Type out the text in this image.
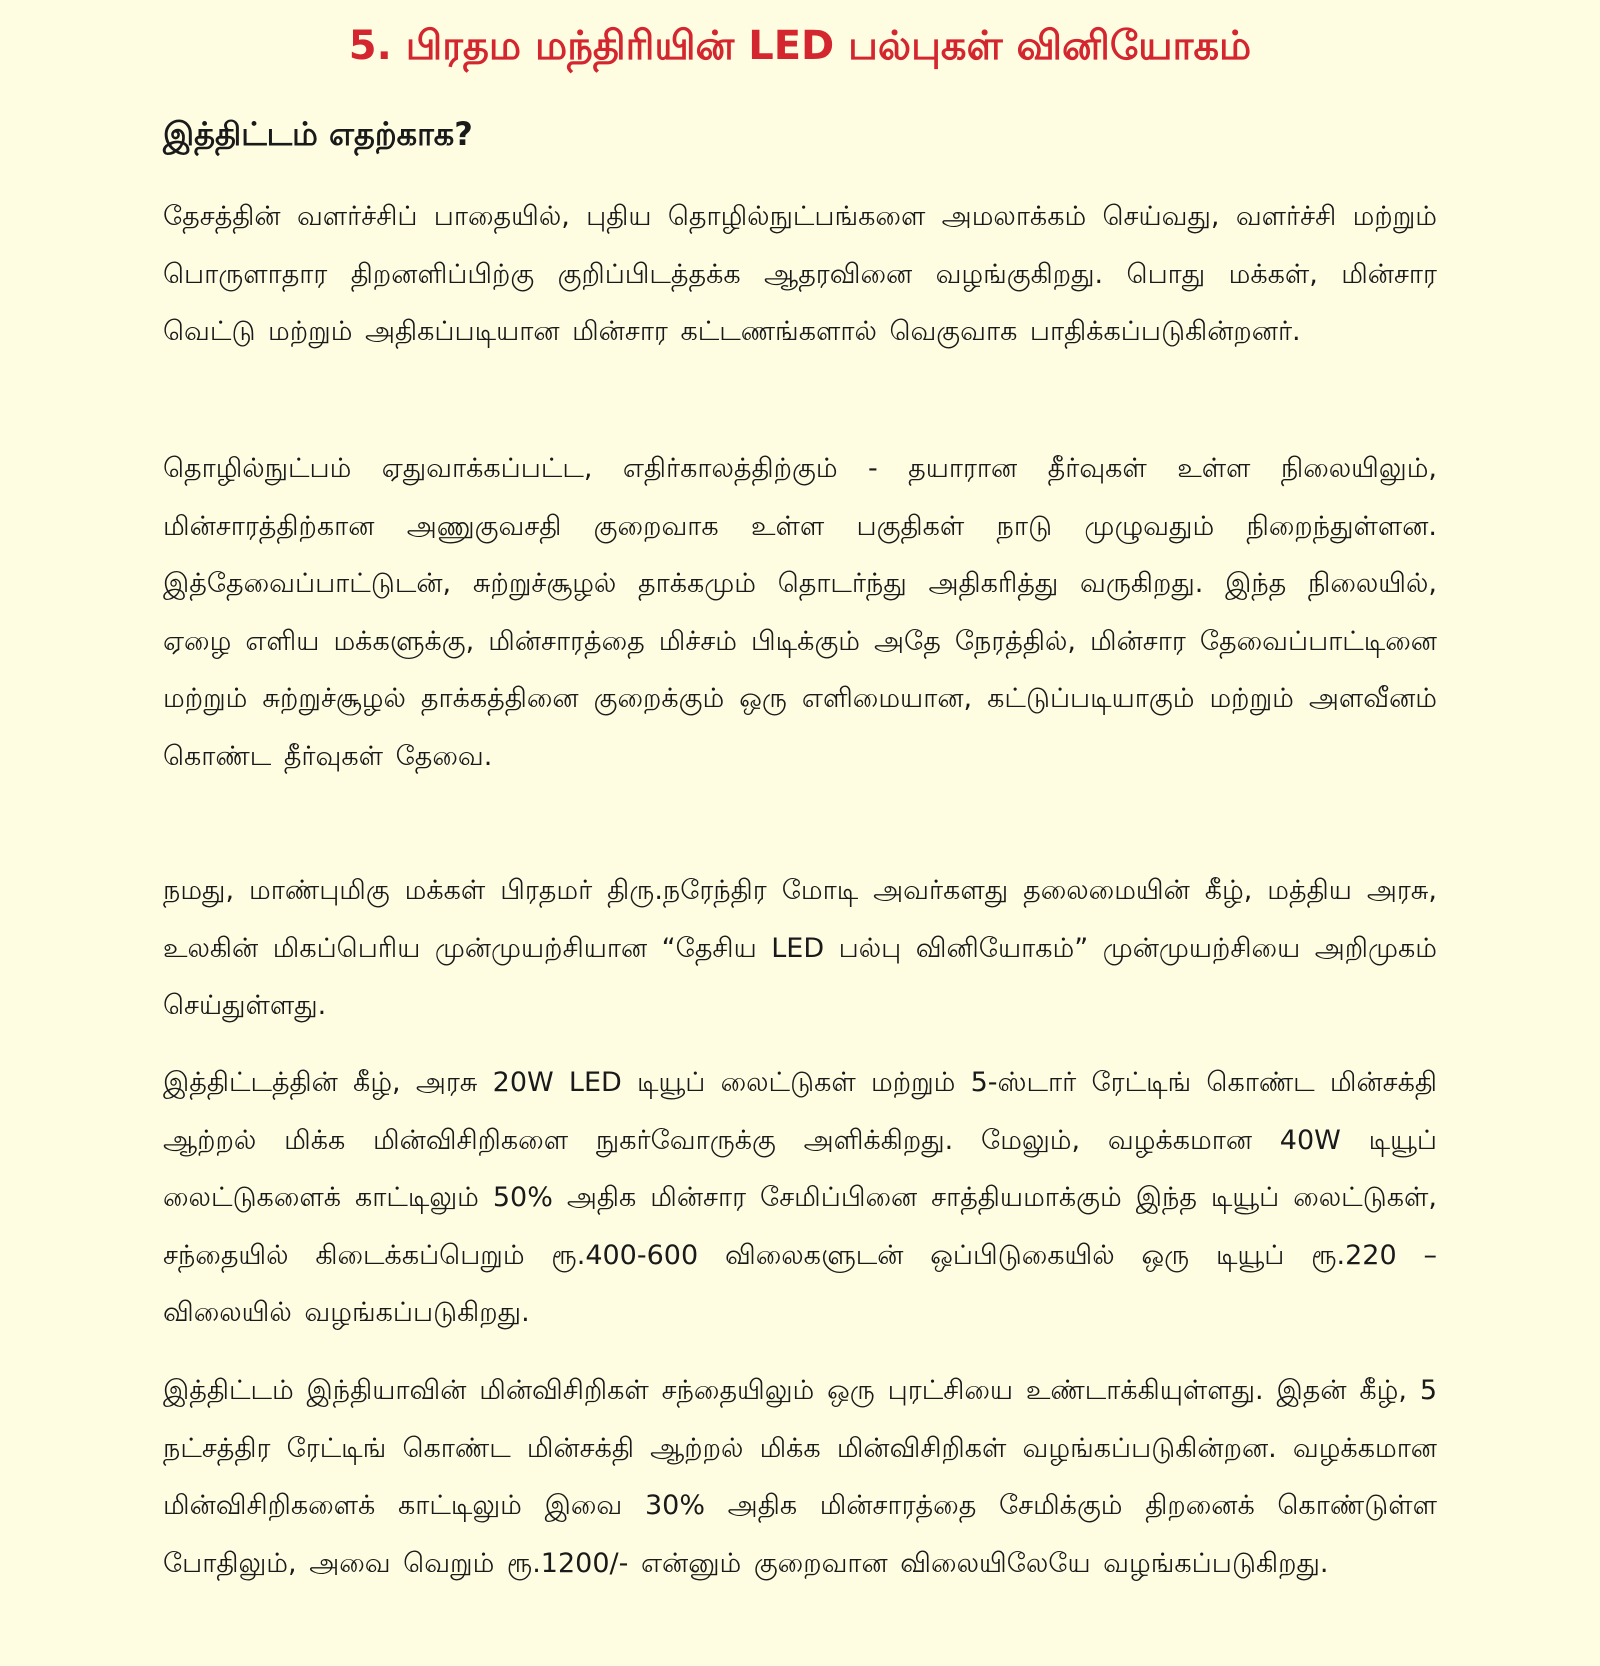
5. பிரதம மந்திரியின் LED பல்புகள் வினியோகம்
இத்திட்டம் எதற்காக?

தேசத்தின் வளர்ச்சிப் பாதையில், புதிய தொழில்நுட்பங்களை அமலாக்கம் செய்வது, வளர்ச்சி மற்றும் பொருளாதார திறனளிப்பிற்கு குறிப்பிடத்தக்க ஆதரவினை வழங்குகிறது. பொது மக்கள், மின்சார வெட்டு மற்றும் அதிகப்படியான மின்சார கட்டணங்களால் வெகுவாக பாதிக்கப்படுகின்றனர்.

தொழில்நுட்பம் ஏதுவாக்கப்பட்ட, எதிர்காலத்திற்கும் - தயாரான தீர்வுகள் உள்ள நிலையிலும், மின்சாரத்திற்கான அணுகுவசதி குறைவாக உள்ள பகுதிகள் நாடு முழுவதும் நிறைந்துள்ளன. இத்தேவைப்பாட்டுடன், சுற்றுச்சூழல் தாக்கமும் தொடர்ந்து அதிகரித்து வருகிறது. இந்த நிலையில், ஏழை எளிய மக்களுக்கு, மின்சாரத்தை மிச்சம் பிடிக்கும் அதே நேரத்தில், மின்சார தேவைப்பாட்டினை மற்றும் சுற்றுச்சூழல் தாக்கத்தினை குறைக்கும் ஒரு எளிமையான, கட்டுப்படியாகும் மற்றும் அளவீனம் கொண்ட தீர்வுகள் தேவை.

நமது, மாண்புமிகு மக்கள் பிரதமர் திரு.நரேந்திர மோடி அவர்களது தலைமையின் கீழ், மத்திய அரசு, உலகின் மிகப்பெரிய முன்முயற்சியான “தேசிய LED பல்பு வினியோகம்” முன்முயற்சியை அறிமுகம் செய்துள்ளது.

இத்திட்டத்தின் கீழ், அரசு 20W LED டியூப் லைட்டுகள் மற்றும் 5-ஸ்டார் ரேட்டிங் கொண்ட மின்சக்தி ஆற்றல் மிக்க மின்விசிறிகளை நுகர்வோருக்கு அளிக்கிறது. மேலும், வழக்கமான 40W டியூப் லைட்டுகளைக் காட்டிலும் 50% அதிக மின்சார சேமிப்பினை சாத்தியமாக்கும் இந்த டியூப் லைட்டுகள், சந்தையில் கிடைக்கப்பெறும் ரூ.400-600 விலைகளுடன் ஒப்பிடுகையில் ஒரு டியூப் ரூ.220 – விலையில் வழங்கப்படுகிறது.

இத்திட்டம் இந்தியாவின் மின்விசிறிகள் சந்தையிலும் ஒரு புரட்சியை உண்டாக்கியுள்ளது. இதன் கீழ், 5 நட்சத்திர ரேட்டிங் கொண்ட மின்சக்தி ஆற்றல் மிக்க மின்விசிறிகள் வழங்கப்படுகின்றன. வழக்கமான மின்விசிறிகளைக் காட்டிலும் இவை 30% அதிக மின்சாரத்தை சேமிக்கும் திறனைக் கொண்டுள்ள போதிலும், அவை வெறும் ரூ.1200/- என்னும் குறைவான விலையிலேயே வழங்கப்படுகிறது.
